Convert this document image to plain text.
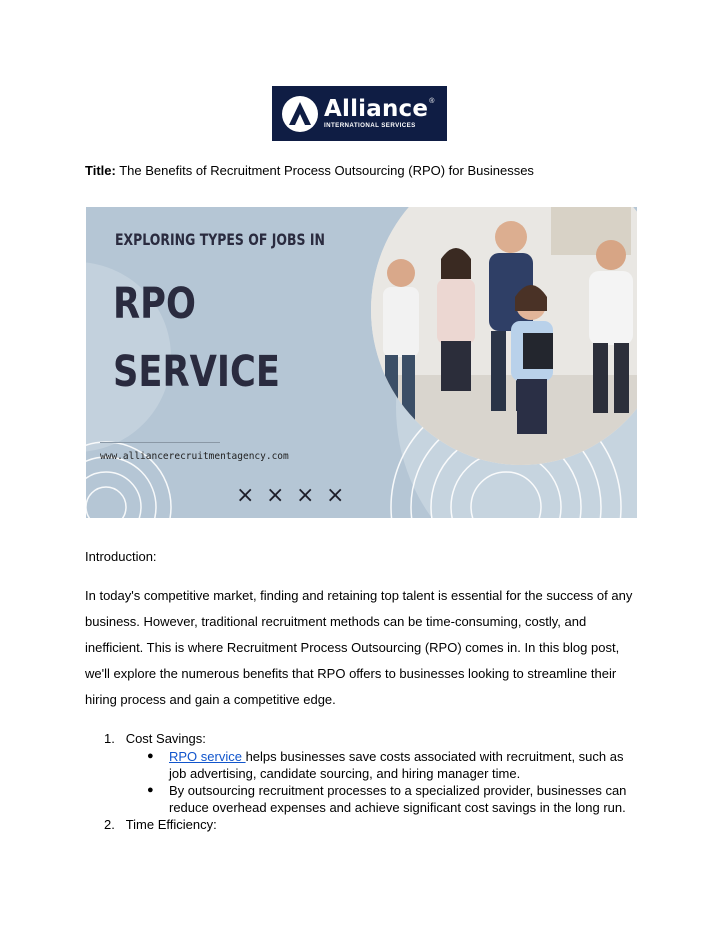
Alliance®
INTERNATIONAL SERVICES
Title: The Benefits of Recruitment Process Outsourcing (RPO) for Businesses
EXPLORING TYPES OF JOBS IN
RPO
SERVICE
www.alliancerecruitmentagency.com
× × × ×
Introduction:
In today's competitive market, finding and retaining top talent is essential for the success of any
business. However, traditional recruitment methods can be time-consuming, costly, and
inefficient. This is where Recruitment Process Outsourcing (RPO) comes in. In this blog post,
we'll explore the numerous benefits that RPO offers to businesses looking to streamline their
hiring process and gain a competitive edge.
1. Cost Savings:
● RPO service helps businesses save costs associated with recruitment, such as job advertising, candidate sourcing, and hiring manager time.
● By outsourcing recruitment processes to a specialized provider, businesses can reduce overhead expenses and achieve significant cost savings in the long run.
2. Time Efficiency:
